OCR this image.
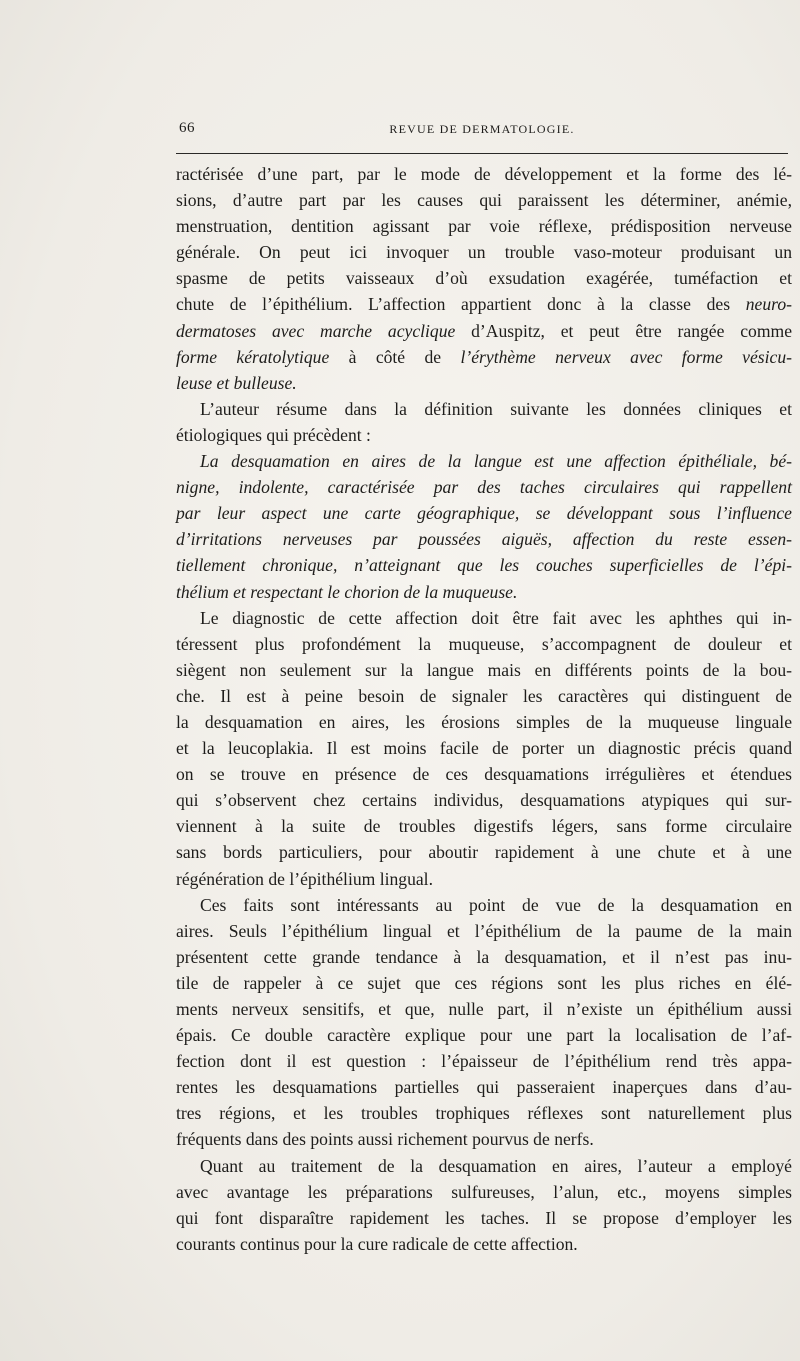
66	REVUE DE DERMATOLOGIE.
ractérisée d’une part, par le mode de développement et la forme des lé-
sions, d’autre part par les causes qui paraissent les déterminer, anémie,
menstruation, dentition agissant par voie réflexe, prédisposition nerveuse
générale. On peut ici invoquer un trouble vaso-moteur produisant un
spasme de petits vaisseaux d’où exsudation exagérée, tuméfaction et
chute de l’épithélium. L’affection appartient donc à la classe des neuro-
dermatoses avec marche acyclique d’Auspitz, et peut être rangée comme
forme kératolytique à côté de l’érythème nerveux avec forme vésicu-
leuse et bulleuse.
L’auteur résume dans la définition suivante les données cliniques et
étiologiques qui précèdent :
La desquamation en aires de la langue est une affection épithéliale, bé-
nigne, indolente, caractérisée par des taches circulaires qui rappellent
par leur aspect une carte géographique, se développant sous l’influence
d’irritations nerveuses par poussées aiguës, affection du reste essen-
tiellement chronique, n’atteignant que les couches superficielles de l’épi-
thélium et respectant le chorion de la muqueuse.
Le diagnostic de cette affection doit être fait avec les aphthes qui in-
téressent plus profondément la muqueuse, s’accompagnent de douleur et
siègent non seulement sur la langue mais en différents points de la bou-
che. Il est à peine besoin de signaler les caractères qui distinguent de
la desquamation en aires, les érosions simples de la muqueuse linguale
et la leucoplakia. Il est moins facile de porter un diagnostic précis quand
on se trouve en présence de ces desquamations irrégulières et étendues
qui s’observent chez certains individus, desquamations atypiques qui sur-
viennent à la suite de troubles digestifs légers, sans forme circulaire
sans bords particuliers, pour aboutir rapidement à une chute et à une
régénération de l’épithélium lingual.
Ces faits sont intéressants au point de vue de la desquamation en
aires. Seuls l’épithélium lingual et l’épithélium de la paume de la main
présentent cette grande tendance à la desquamation, et il n’est pas inu-
tile de rappeler à ce sujet que ces régions sont les plus riches en élé-
ments nerveux sensitifs, et que, nulle part, il n’existe un épithélium aussi
épais. Ce double caractère explique pour une part la localisation de l’af-
fection dont il est question : l’épaisseur de l’épithélium rend très appa-
rentes les desquamations partielles qui passeraient inaperçues dans d’au-
tres régions, et les troubles trophiques réflexes sont naturellement plus
fréquents dans des points aussi richement pourvus de nerfs.
Quant au traitement de la desquamation en aires, l’auteur a employé
avec avantage les préparations sulfureuses, l’alun, etc., moyens simples
qui font disparaître rapidement les taches. Il se propose d’employer les
courants continus pour la cure radicale de cette affection.
